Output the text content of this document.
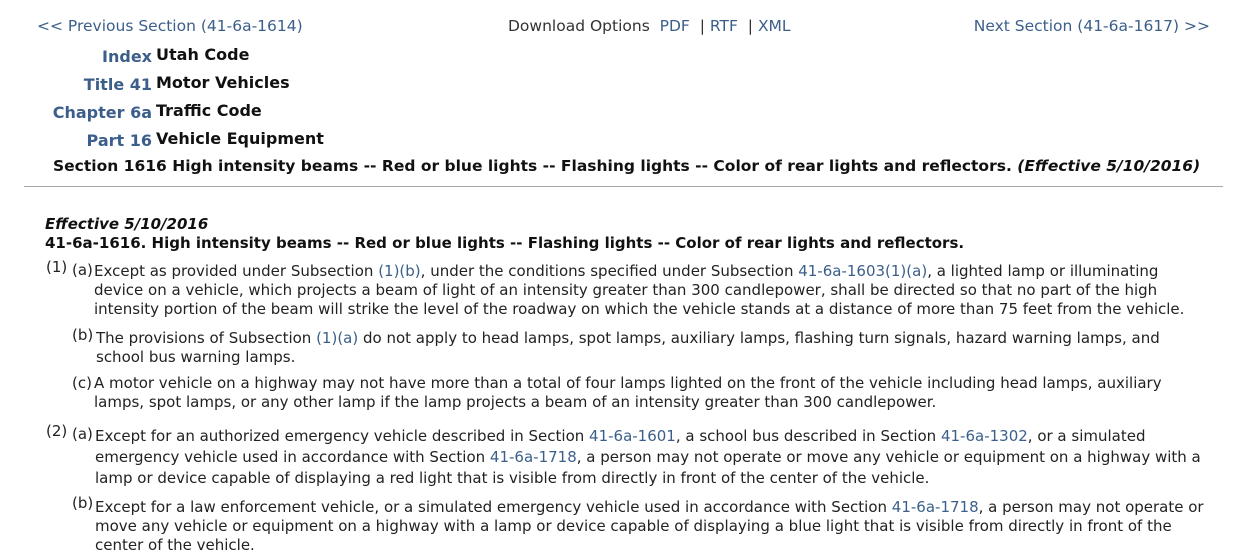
<< Previous Section (41-6a-1614)	Download Options PDF | RTF | XML	Next Section (41-6a-1617) >>
Index Utah Code
Title 41 Motor Vehicles
Chapter 6a Traffic Code
Part 16 Vehicle Equipment
Section 1616 High intensity beams -- Red or blue lights -- Flashing lights -- Color of rear lights and reflectors. (Effective 5/10/2016)
Effective 5/10/2016
41-6a-1616. High intensity beams -- Red or blue lights -- Flashing lights -- Color of rear lights and reflectors.
(1) (a) Except as provided under Subsection (1)(b), under the conditions specified under Subsection 41-6a-1603(1)(a), a lighted lamp or illuminating device on a vehicle, which projects a beam of light of an intensity greater than 300 candlepower, shall be directed so that no part of the high intensity portion of the beam will strike the level of the roadway on which the vehicle stands at a distance of more than 75 feet from the vehicle.
(b) The provisions of Subsection (1)(a) do not apply to head lamps, spot lamps, auxiliary lamps, flashing turn signals, hazard warning lamps, and school bus warning lamps.
(c) A motor vehicle on a highway may not have more than a total of four lamps lighted on the front of the vehicle including head lamps, auxiliary lamps, spot lamps, or any other lamp if the lamp projects a beam of an intensity greater than 300 candlepower.
(2) (a) Except for an authorized emergency vehicle described in Section 41-6a-1601, a school bus described in Section 41-6a-1302, or a simulated emergency vehicle used in accordance with Section 41-6a-1718, a person may not operate or move any vehicle or equipment on a highway with a lamp or device capable of displaying a red light that is visible from directly in front of the center of the vehicle.
(b) Except for a law enforcement vehicle, or a simulated emergency vehicle used in accordance with Section 41-6a-1718, a person may not operate or move any vehicle or equipment on a highway with a lamp or device capable of displaying a blue light that is visible from directly in front of the center of the vehicle.
